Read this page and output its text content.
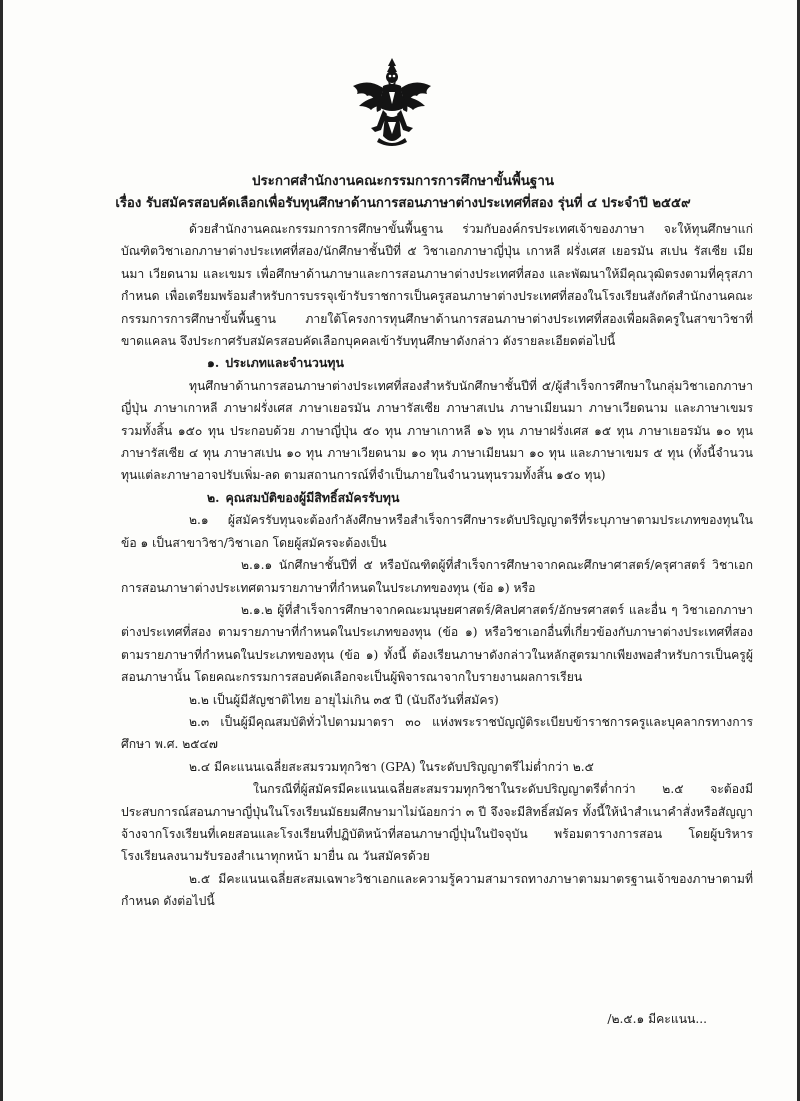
ประกาศสำนักงานคณะกรรมการการศึกษาขั้นพื้นฐาน
เรื่อง รับสมัครสอบคัดเลือกเพื่อรับทุนศึกษาด้านการสอนภาษาต่างประเทศที่สอง รุ่นที่ ๔ ประจำปี ๒๕๕๙

ด้วยสำนักงานคณะกรรมการการศึกษาขั้นพื้นฐาน ร่วมกับองค์กรประเทศเจ้าของภาษา จะให้ทุนศึกษาแก่บัณฑิตวิชาเอกภาษาต่างประเทศที่สอง/นักศึกษาชั้นปีที่ ๕ วิชาเอกภาษาญี่ปุ่น เกาหลี ฝรั่งเศส เยอรมัน สเปน รัสเซีย เมียนมา เวียดนาม และเขมร เพื่อศึกษาด้านภาษาและการสอนภาษาต่างประเทศที่สอง และพัฒนาให้มีคุณวุฒิตรงตามที่คุรุสภากำหนด เพื่อเตรียมพร้อมสำหรับการบรรจุเข้ารับราชการเป็นครูสอนภาษาต่างประเทศที่สองในโรงเรียนสังกัดสำนักงานคณะกรรมการการศึกษาขั้นพื้นฐาน ภายใต้โครงการทุนศึกษาด้านการสอนภาษาต่างประเทศที่สองเพื่อผลิตครูในสาขาวิชาที่ขาดแคลน จึงประกาศรับสมัครสอบคัดเลือกบุคคลเข้ารับทุนศึกษาดังกล่าว ดังรายละเอียดต่อไปนี้

๑. ประเภทและจำนวนทุน

ทุนศึกษาด้านการสอนภาษาต่างประเทศที่สองสำหรับนักศึกษาชั้นปีที่ ๕/ผู้สำเร็จการศึกษาในกลุ่มวิชาเอกภาษาญี่ปุ่น ภาษาเกาหลี ภาษาฝรั่งเศส ภาษาเยอรมัน ภาษารัสเซีย ภาษาสเปน ภาษาเมียนมา ภาษาเวียดนาม และภาษาเขมร รวมทั้งสิ้น ๑๕๐ ทุน ประกอบด้วย ภาษาญี่ปุ่น ๕๐ ทุน ภาษาเกาหลี ๑๖ ทุน ภาษาฝรั่งเศส ๑๕ ทุน ภาษาเยอรมัน ๑๐ ทุน ภาษารัสเซีย ๔ ทุน ภาษาสเปน ๑๐ ทุน ภาษาเวียดนาม ๑๐ ทุน ภาษาเมียนมา ๑๐ ทุน และภาษาเขมร ๕ ทุน (ทั้งนี้จำนวนทุนแต่ละภาษาอาจปรับเพิ่ม-ลด ตามสถานการณ์ที่จำเป็นภายในจำนวนทุนรวมทั้งสิ้น ๑๕๐ ทุน)

๒. คุณสมบัติของผู้มีสิทธิ์สมัครรับทุน

๒.๑ ผู้สมัครรับทุนจะต้องกำลังศึกษาหรือสำเร็จการศึกษาระดับปริญญาตรีที่ระบุภาษาตามประเภทของทุนในข้อ ๑ เป็นสาขาวิชา/วิชาเอก โดยผู้สมัครจะต้องเป็น

๒.๑.๑ นักศึกษาชั้นปีที่ ๕ หรือบัณฑิตผู้ที่สำเร็จการศึกษาจากคณะศึกษาศาสตร์/ครุศาสตร์ วิชาเอกการสอนภาษาต่างประเทศตามรายภาษาที่กำหนดในประเภทของทุน (ข้อ ๑) หรือ

๒.๑.๒ ผู้ที่สำเร็จการศึกษาจากคณะมนุษยศาสตร์/ศิลปศาสตร์/อักษรศาสตร์ และอื่น ๆ วิชาเอกภาษาต่างประเทศที่สอง ตามรายภาษาที่กำหนดในประเภทของทุน (ข้อ ๑) หรือวิชาเอกอื่นที่เกี่ยวข้องกับภาษาต่างประเทศที่สองตามรายภาษาที่กำหนดในประเภทของทุน (ข้อ ๑) ทั้งนี้ ต้องเรียนภาษาดังกล่าวในหลักสูตรมากเพียงพอสำหรับการเป็นครูผู้สอนภาษานั้น โดยคณะกรรมการสอบคัดเลือกจะเป็นผู้พิจารณาจากใบรายงานผลการเรียน

๒.๒ เป็นผู้มีสัญชาติไทย อายุไม่เกิน ๓๕ ปี (นับถึงวันที่สมัคร)

๒.๓ เป็นผู้มีคุณสมบัติทั่วไปตามมาตรา ๓๐ แห่งพระราชบัญญัติระเบียบข้าราชการครูและบุคลากรทางการศึกษา พ.ศ. ๒๕๔๗

๒.๔ มีคะแนนเฉลี่ยสะสมรวมทุกวิชา (GPA) ในระดับปริญญาตรีไม่ต่ำกว่า ๒.๕

ในกรณีที่ผู้สมัครมีคะแนนเฉลี่ยสะสมรวมทุกวิชาในระดับปริญญาตรีต่ำกว่า ๒.๕ จะต้องมีประสบการณ์สอนภาษาญี่ปุ่นในโรงเรียนมัธยมศึกษามาไม่น้อยกว่า ๓ ปี จึงจะมีสิทธิ์สมัคร ทั้งนี้ให้นำสำเนาคำสั่งหรือสัญญาจ้างจากโรงเรียนที่เคยสอนและโรงเรียนที่ปฏิบัติหน้าที่สอนภาษาญี่ปุ่นในปัจจุบัน พร้อมตารางการสอน โดยผู้บริหารโรงเรียนลงนามรับรองสำเนาทุกหน้า มายื่น ณ วันสมัครด้วย

๒.๕ มีคะแนนเฉลี่ยสะสมเฉพาะวิชาเอกและความรู้ความสามารถทางภาษาตามมาตรฐานเจ้าของภาษาตามที่กำหนด ดังต่อไปนี้

/๒.๕.๑ มีคะแนน...
